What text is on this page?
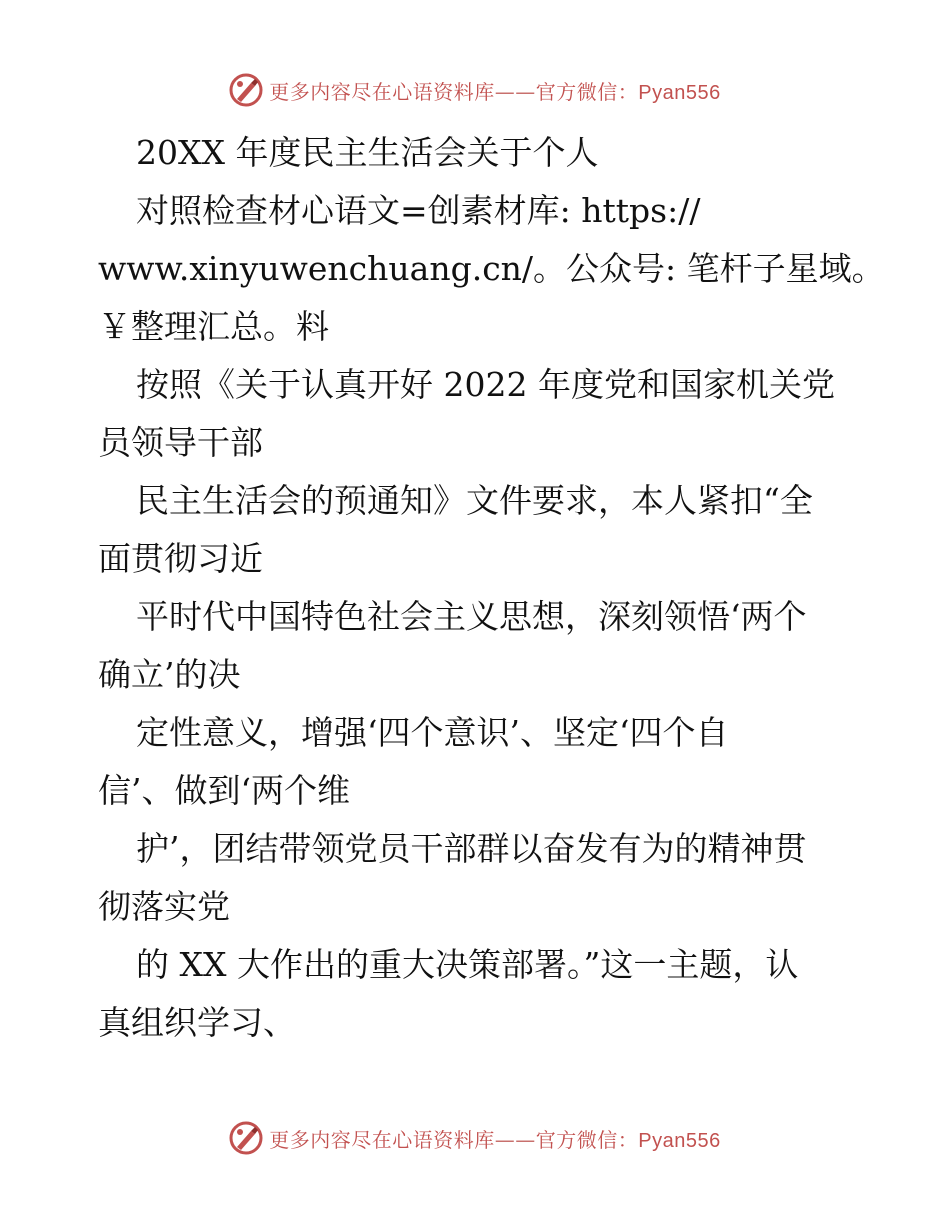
更多内容尽在心语资料库——官方微信：Pyan556
20XX 年度民主生活会关于个人
对照检查材心语文=创素材库: https://
www.xinyuwenchuang.cn/。公众号: 笔杆子星域。
￥整理汇总。料
按照《关于认真开好 2022 年度党和国家机关党
员领导干部
民主生活会的预通知》文件要求，本人紧扣“全
面贯彻习近
平时代中国特色社会主义思想，深刻领悟‘两个
确立’的决
定性意义，增强‘四个意识’、坚定‘四个自
信’、做到‘两个维
护’，团结带领党员干部群以奋发有为的精神贯
彻落实党
的 XX 大作出的重大决策部署。”这一主题，认
真组织学习、
更多内容尽在心语资料库——官方微信：Pyan556
